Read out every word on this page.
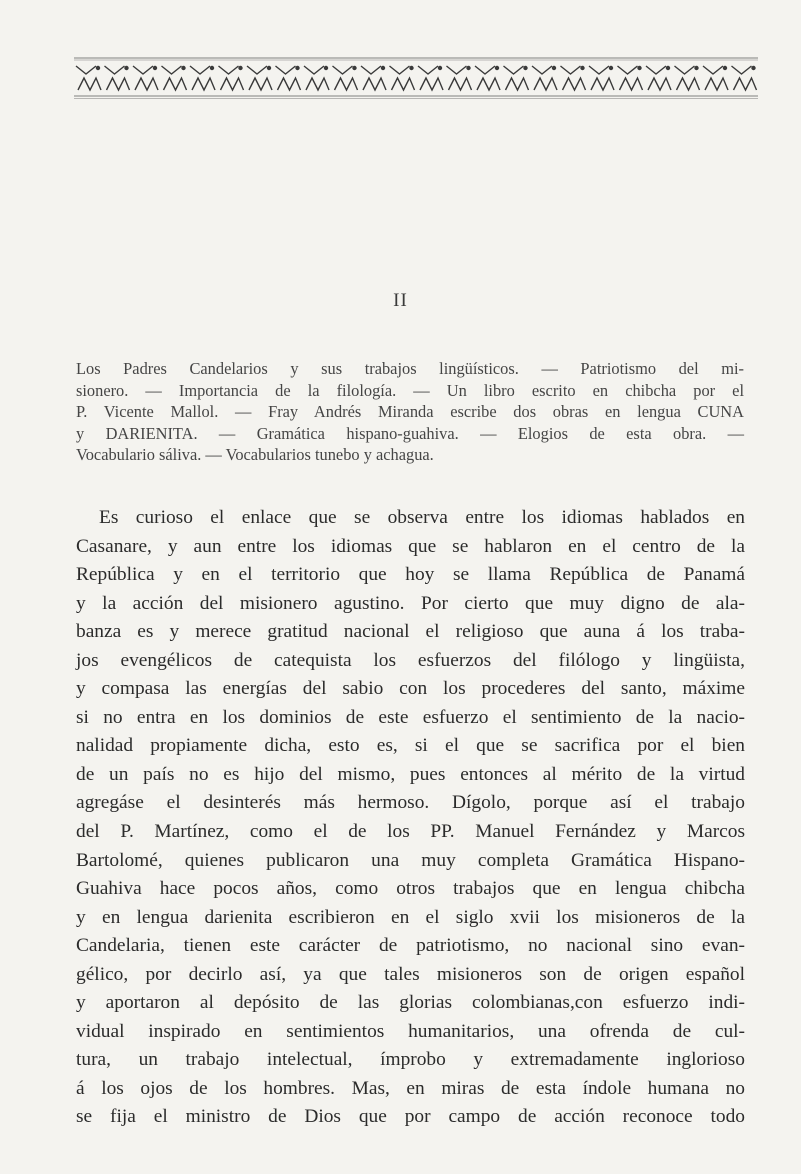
II
Los Padres Candelarios y sus trabajos lingüísticos. — Patriotismo del mi-
sionero. — Importancia de la filología. — Un libro escrito en chibcha por el
P. Vicente Mallol. — Fray Andrés Miranda escribe dos obras en lengua CUNA
y DARIENITA. — Gramática hispano-guahiva. — Elogios de esta obra. —
Vocabulario sáliva. — Vocabularios tunebo y achagua.
Es curioso el enlace que se observa entre los idiomas hablados en
Casanare, y aun entre los idiomas que se hablaron en el centro de la
República y en el territorio que hoy se llama República de Panamá
y la acción del misionero agustino. Por cierto que muy digno de ala-
banza es y merece gratitud nacional el religioso que auna á los traba-
jos evengélicos de catequista los esfuerzos del filólogo y lingüista,
y compasa las energías del sabio con los procederes del santo, máxime
si no entra en los dominios de este esfuerzo el sentimiento de la nacio-
nalidad propiamente dicha, esto es, si el que se sacrifica por el bien
de un país no es hijo del mismo, pues entonces al mérito de la virtud
agregáse el desinterés más hermoso. Dígolo, porque así el trabajo
del P. Martínez, como el de los PP. Manuel Fernández y Marcos
Bartolomé, quienes publicaron una muy completa Gramática Hispano-
Guahiva hace pocos años, como otros trabajos que en lengua chibcha
y en lengua darienita escribieron en el siglo xvii los misioneros de la
Candelaria, tienen este carácter de patriotismo, no nacional sino evan-
gélico, por decirlo así, ya que tales misioneros son de origen español
y aportaron al depósito de las glorias colombianas,con esfuerzo indi-
vidual inspirado en sentimientos humanitarios, una ofrenda de cul-
tura, un trabajo intelectual, ímprobo y extremadamente inglorioso
á los ojos de los hombres. Mas, en miras de esta índole humana no
se fija el ministro de Dios que por campo de acción reconoce todo
